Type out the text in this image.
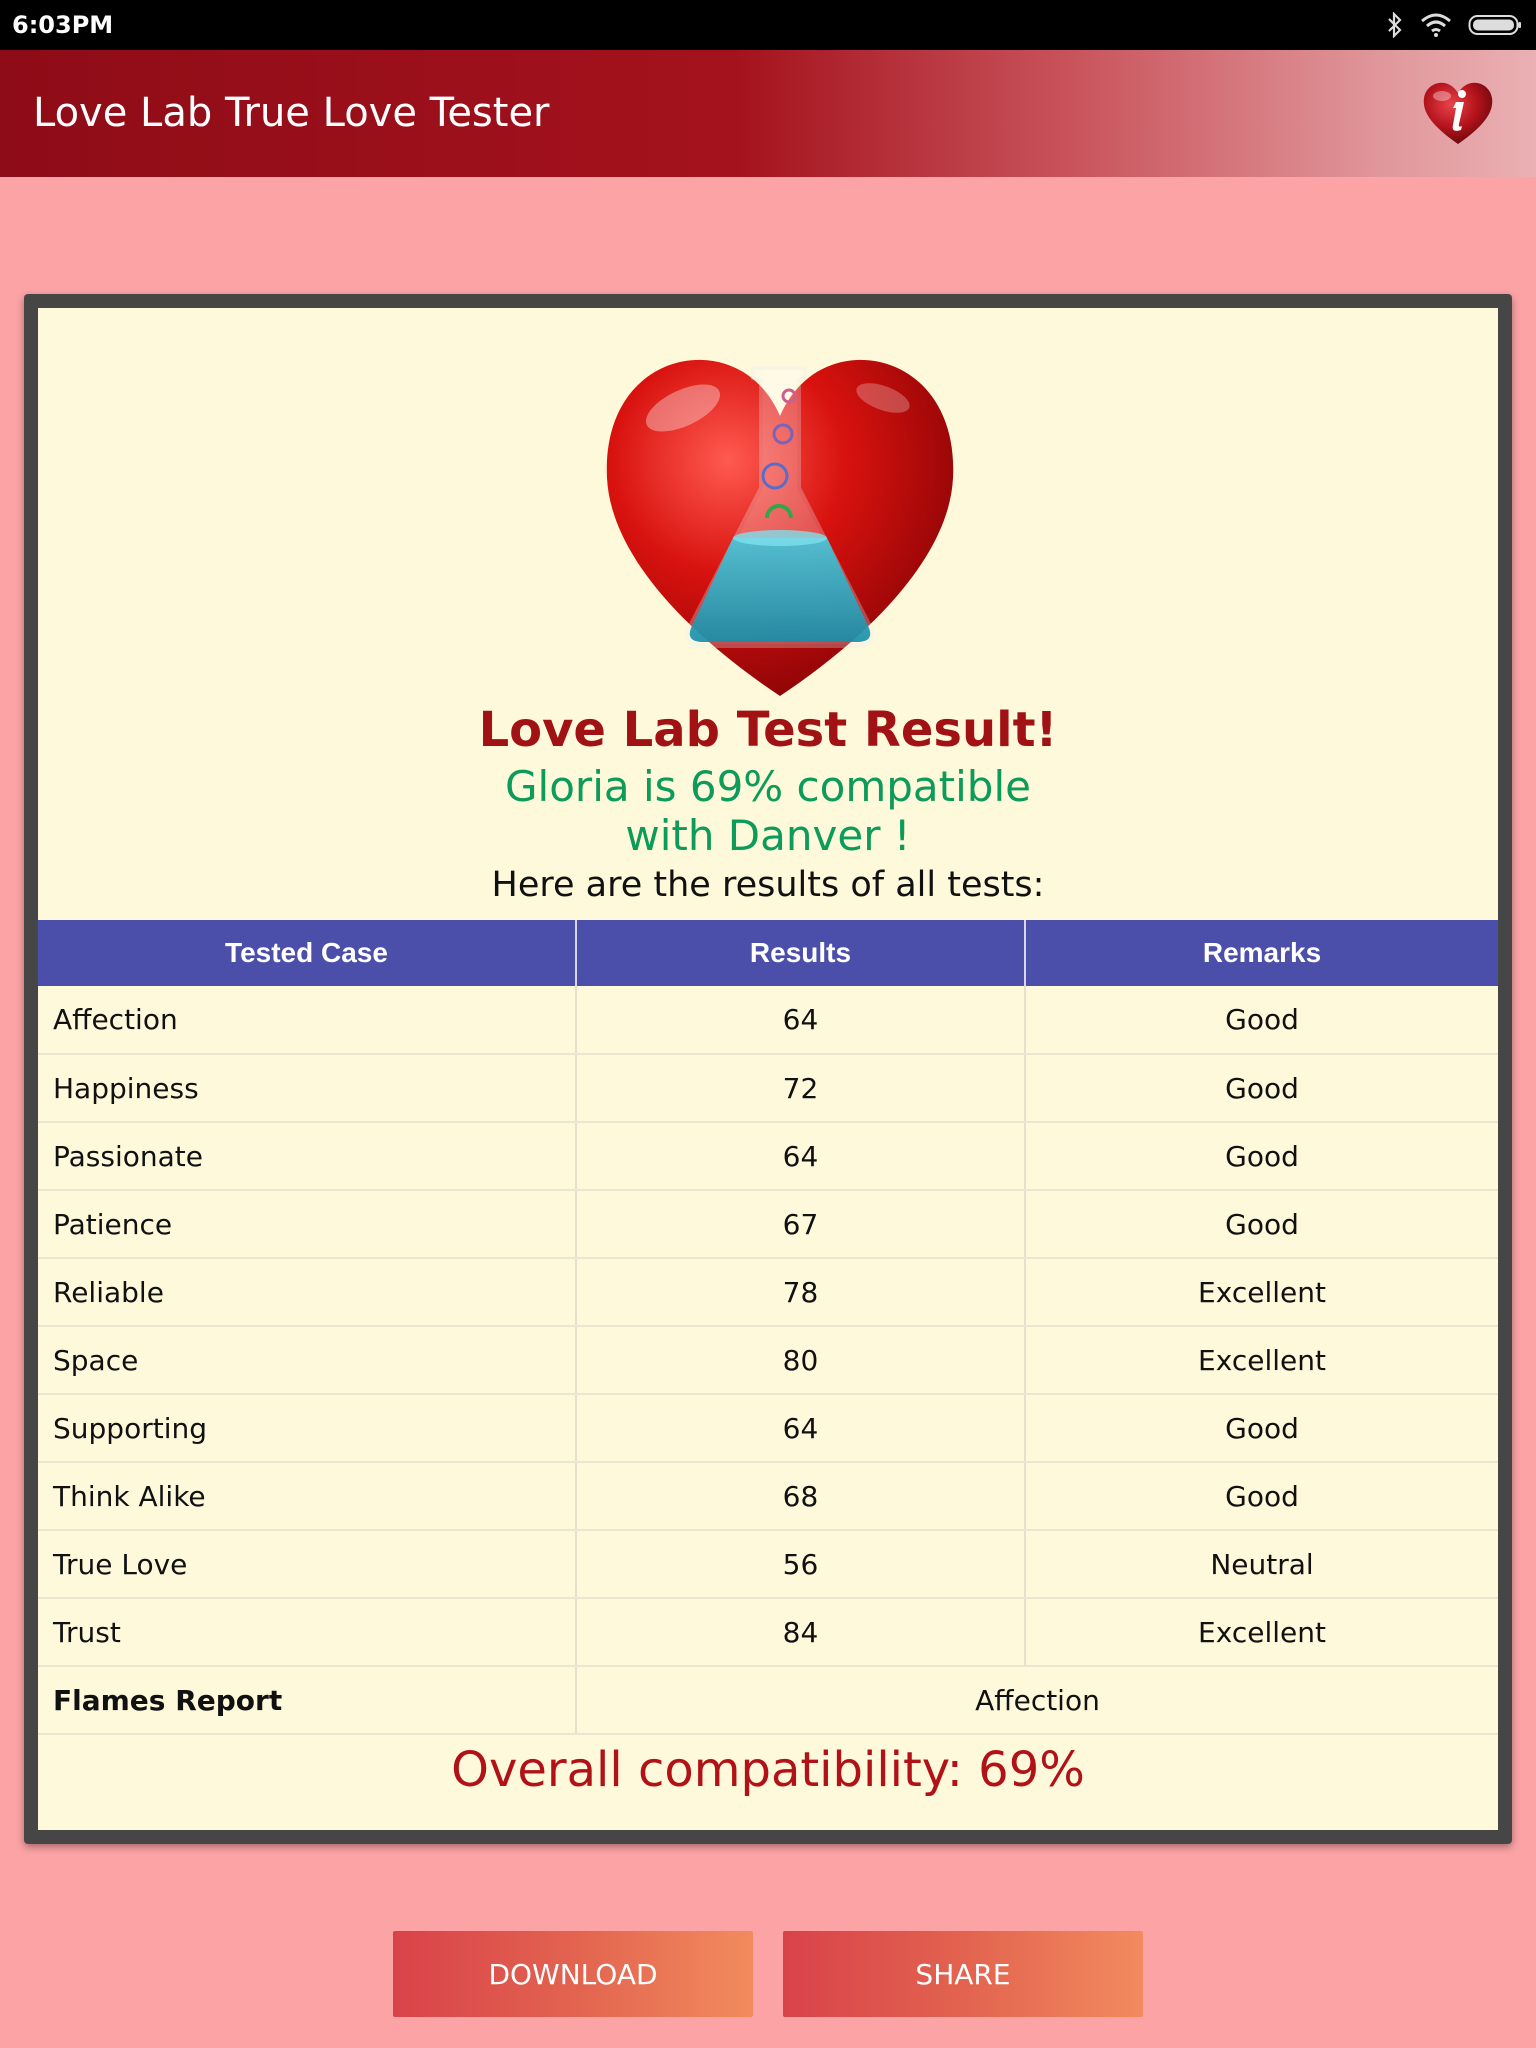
6:03PM
Love Lab True Love Tester
Love Lab Test Result!
Gloria is 69% compatible
with Danver !
Here are the results of all tests:
Tested Case	Results	Remarks
Affection	64	Good
Happiness	72	Good
Passionate	64	Good
Patience	67	Good
Reliable	78	Excellent
Space	80	Excellent
Supporting	64	Good
Think Alike	68	Good
True Love	56	Neutral
Trust	84	Excellent
Flames Report	Affection	
Overall compatibility: 69%
DOWNLOAD	SHARE
